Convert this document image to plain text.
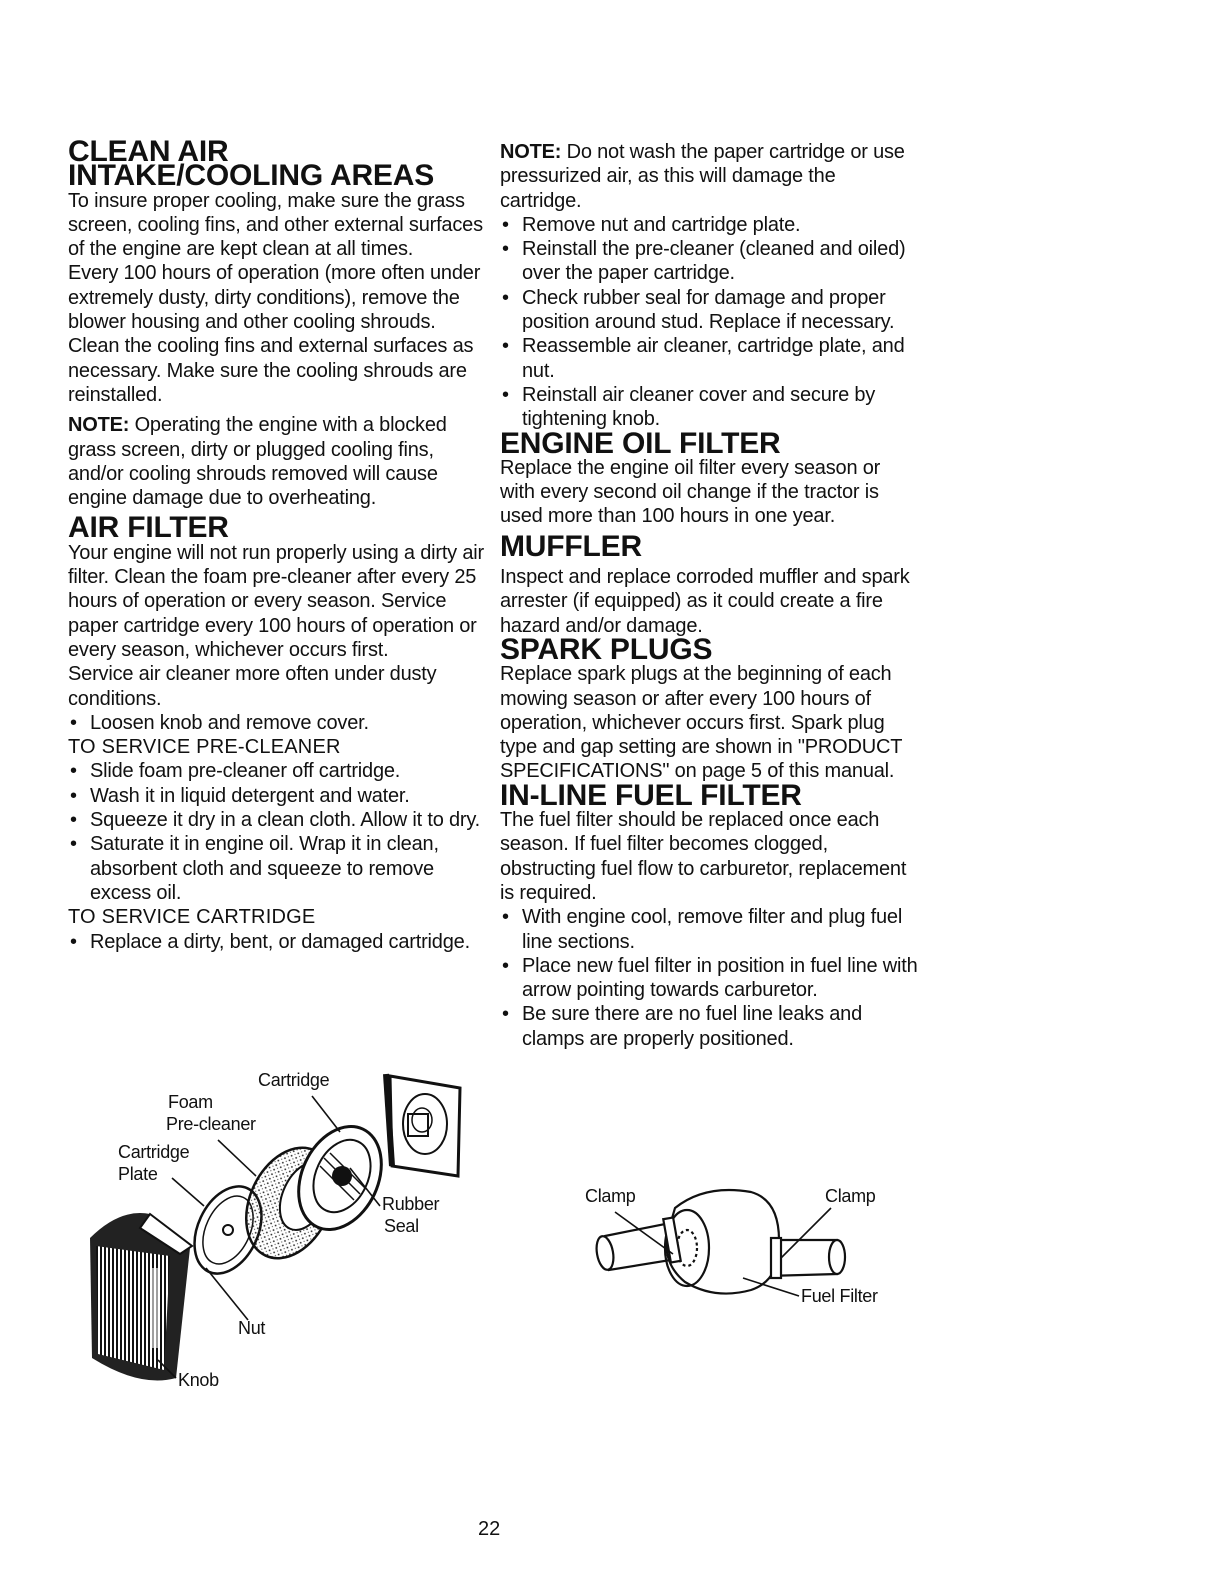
CLEAN AIR INTAKE/COOLING AREAS

To insure proper cooling, make sure the grass screen, cooling fins, and other external surfaces of the engine are kept clean at all times.

Every 100 hours of operation (more often under extremely dusty, dirty conditions), remove the blower housing and other cooling shrouds. Clean the cooling fins and external surfaces as necessary. Make sure the cooling shrouds are reinstalled.

NOTE: Operating the engine with a blocked grass screen, dirty or plugged cooling fins, and/or cooling shrouds removed will cause engine damage due to overheating.

AIR FILTER

Your engine will not run properly using a dirty air filter. Clean the foam pre-cleaner after every 25 hours of operation or every season. Service paper cartridge every 100 hours of operation or every season, whichever occurs first.

Service air cleaner more often under dusty conditions.

• Loosen knob and remove cover.

TO SERVICE PRE-CLEANER

• Slide foam pre-cleaner off cartridge.
• Wash it in liquid detergent and water.
• Squeeze it dry in a clean cloth. Allow it to dry.
• Saturate it in engine oil. Wrap it in clean, absorbent cloth and squeeze to remove excess oil.

TO SERVICE CARTRIDGE

• Replace a dirty, bent, or damaged cartridge.
Cartridge
Foam
Pre-cleaner
Cartridge
Plate
Rubber
Seal
Nut
Knob

NOTE: Do not wash the paper cartridge or use pressurized air, as this will damage the cartridge.

• Remove nut and cartridge plate.
• Reinstall the pre-cleaner (cleaned and oiled) over the paper cartridge.
• Check rubber seal for damage and proper position around stud. Replace if necessary.
• Reassemble air cleaner, cartridge plate, and nut.
• Reinstall air cleaner cover and secure by tightening knob.
ENGINE OIL FILTER

Replace the engine oil filter every season or with every second oil change if the tractor is used more than 100 hours in one year.

MUFFLER

Inspect and replace corroded muffler and spark arrester (if equipped) as it could create a fire hazard and/or damage.

SPARK PLUGS

Replace spark plugs at the beginning of each mowing season or after every 100 hours of operation, whichever occurs first. Spark plug type and gap setting are shown in "PRODUCT SPECIFICATIONS" on page 5 of this manual.

IN-LINE FUEL FILTER

The fuel filter should be replaced once each season. If fuel filter becomes clogged, obstructing fuel flow to carburetor, replacement is required.

• With engine cool, remove filter and plug fuel line sections.
• Place new fuel filter in position in fuel line with arrow pointing towards carburetor.
• Be sure there are no fuel line leaks and clamps are properly positioned.
Clamp	Clamp
Fuel Filter
22
